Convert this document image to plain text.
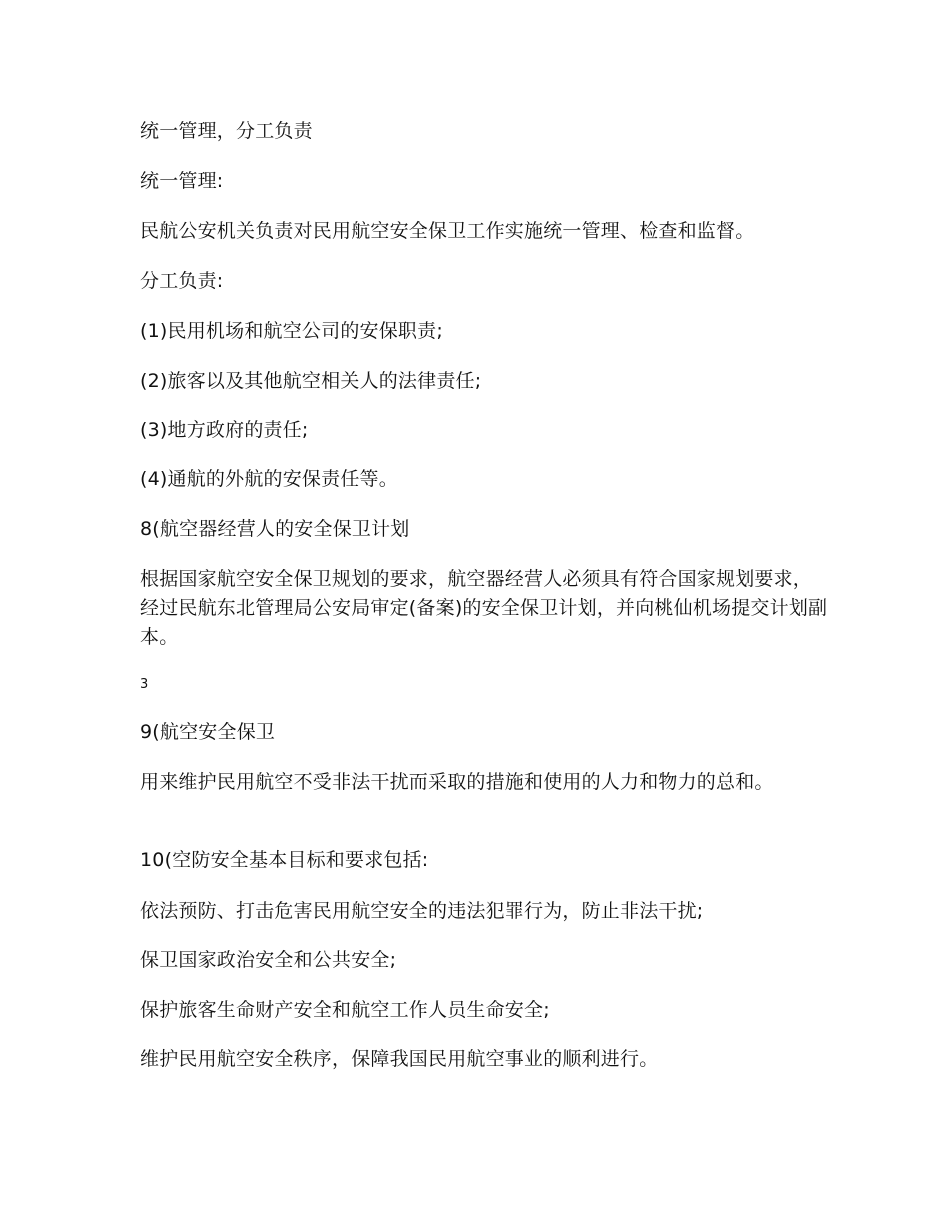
统一管理，分工负责
统一管理:
民航公安机关负责对民用航空安全保卫工作实施统一管理、检查和监督。
分工负责:
(1)民用机场和航空公司的安保职责;
(2)旅客以及其他航空相关人的法律责任;
(3)地方政府的责任;
(4)通航的外航的安保责任等。
8(航空器经营人的安全保卫计划
根据国家航空安全保卫规划的要求，航空器经营人必须具有符合国家规划要求，经过民航东北管理局公安局审定(备案)的安全保卫计划，并向桃仙机场提交计划副本。
3
9(航空安全保卫
用来维护民用航空不受非法干扰而采取的措施和使用的人力和物力的总和。
10(空防安全基本目标和要求包括:
依法预防、打击危害民用航空安全的违法犯罪行为，防止非法干扰;
保卫国家政治安全和公共安全;
保护旅客生命财产安全和航空工作人员生命安全;
维护民用航空安全秩序，保障我国民用航空事业的顺利进行。
